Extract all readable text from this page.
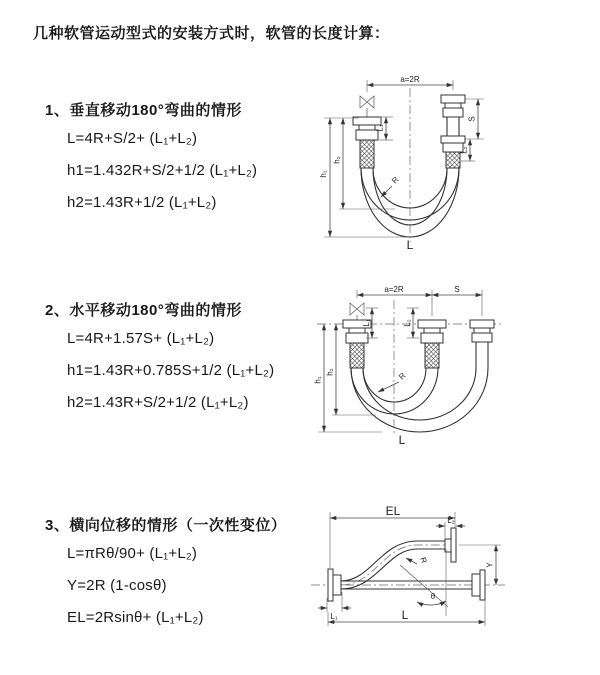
几种软管运动型式的安装方式时，软管的长度计算：
1、垂直移动180°弯曲的情形
L=4R+S/2+ (L₁+L₂)
h1=1.432R+S/2+1/2 (L₁+L₂)
h2=1.43R+1/2 (L₁+L₂)
2、水平移动180°弯曲的情形
L=4R+1.57S+ (L₁+L₂)
h1=1.43R+0.785S+1/2 (L₁+L₂)
h2=1.43R+S/2+1/2 (L₁+L₂)
3、横向位移的情形（一次性变位）
L=πRθ/90+ (L₁+L₂)
Y=2R (1-cosθ)
EL=2Rsinθ+ (L₁+L₂)
a=2R
h₁
h₂
L₁
S
L₂
R
L
a=2R	S
h₁
h₂
L₁	L₂
R
L
EL
L₂
Y
θ
R
L₁	L
